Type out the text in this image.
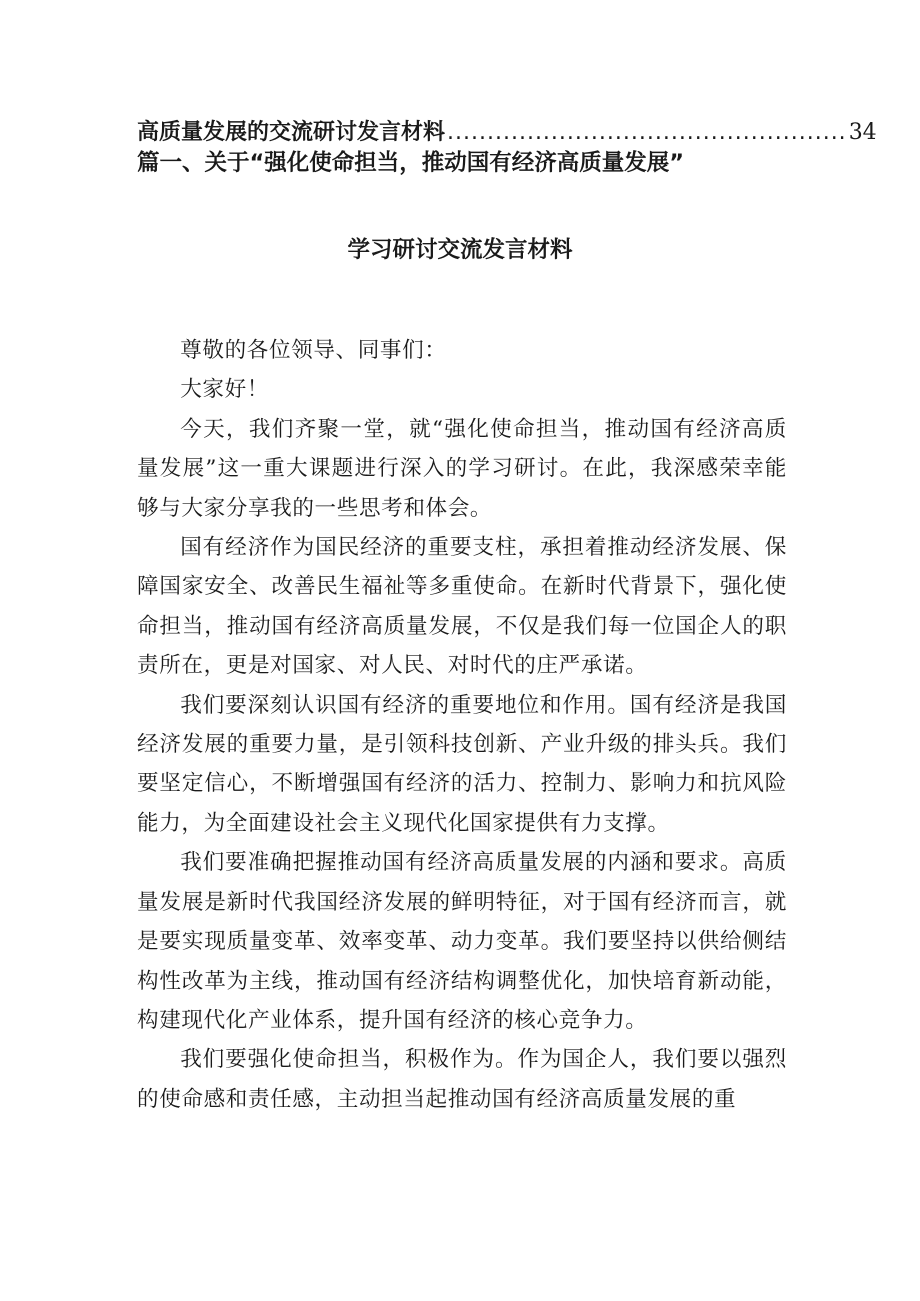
高质量发展的交流研讨发言材料 .................................................. 34
篇一、关于“强化使命担当，推动国有经济高质量发展”
学习研讨交流发言材料

尊敬的各位领导、同事们：

大家好！

今天，我们齐聚一堂，就“强化使命担当，推动国有经济高质量发展”这一重大课题进行深入的学习研讨。在此，我深感荣幸能够与大家分享我的一些思考和体会。

国有经济作为国民经济的重要支柱，承担着推动经济发展、保障国家安全、改善民生福祉等多重使命。在新时代背景下，强化使命担当，推动国有经济高质量发展，不仅是我们每一位国企人的职责所在，更是对国家、对人民、对时代的庄严承诺。

我们要深刻认识国有经济的重要地位和作用。国有经济是我国经济发展的重要力量，是引领科技创新、产业升级的排头兵。我们要坚定信心，不断增强国有经济的活力、控制力、影响力和抗风险能力，为全面建设社会主义现代化国家提供有力支撑。

我们要准确把握推动国有经济高质量发展的内涵和要求。高质量发展是新时代我国经济发展的鲜明特征，对于国有经济而言，就是要实现质量变革、效率变革、动力变革。我们要坚持以供给侧结构性改革为主线，推动国有经济结构调整优化，加快培育新动能，构建现代化产业体系，提升国有经济的核心竞争力。

我们要强化使命担当，积极作为。作为国企人，我们要以强烈的使命感和责任感，主动担当起推动国有经济高质量发展的重
